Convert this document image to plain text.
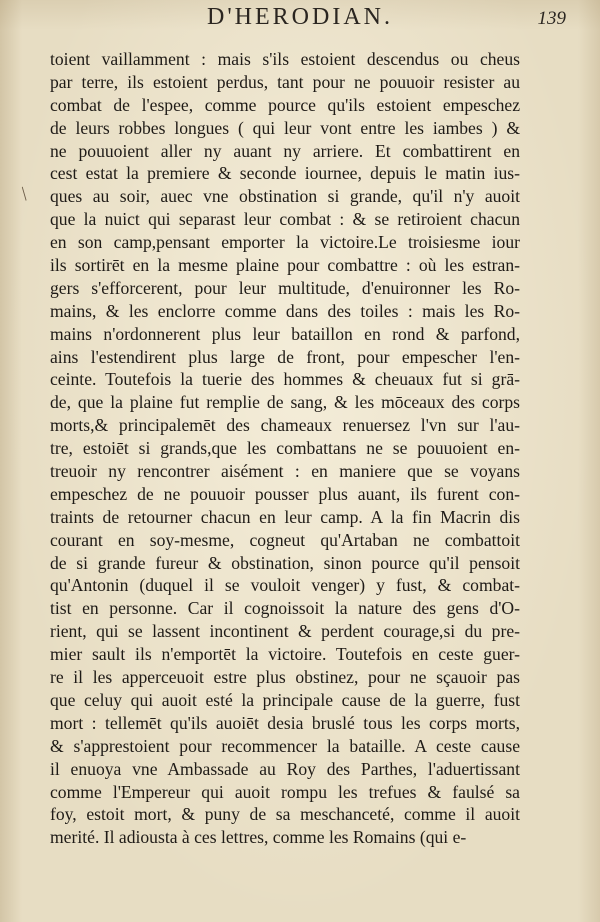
D'HERODIAN.	139
/
toient vaillamment : mais s'ils estoient descendus ou cheus
par terre, ils estoient perdus, tant pour ne pouuoir resister au
combat de l'espee, comme pource qu'ils estoient empeschez
de leurs robbes longues ( qui leur vont entre les iambes ) &
ne pouuoient aller ny auant ny arriere. Et combattirent en
cest estat la premiere & seconde iournee, depuis le matin ius-
ques au soir, auec vne obstination si grande, qu'il n'y auoit
que la nuict qui separast leur combat : & se retiroient chacun
en son camp,pensant emporter la victoire.Le troisiesme iour
ils sortirēt en la mesme plaine pour combattre : où les estran-
gers s'efforcerent, pour leur multitude, d'enuironner les Ro-
mains, & les enclorre comme dans des toiles : mais les Ro-
mains n'ordonnerent plus leur bataillon en rond & parfond,
ains l'estendirent plus large de front, pour empescher l'en-
ceinte. Toutefois la tuerie des hommes & cheuaux fut si grā-
de, que la plaine fut remplie de sang, & les mōceaux des corps
morts,& principalemēt des chameaux renuersez l'vn sur l'au-
tre, estoiēt si grands,que les combattans ne se pouuoient en-
treuoir ny rencontrer aisément : en maniere que se voyans
empeschez de ne pouuoir pousser plus auant, ils furent con-
traints de retourner chacun en leur camp. A la fin Macrin dis
courant en soy-mesme, cogneut qu'Artaban ne combattoit
de si grande fureur & obstination, sinon pource qu'il pensoit
qu'Antonin (duquel il se vouloit venger) y fust, & combat-
tist en personne. Car il cognoissoit la nature des gens d'O-
rient, qui se lassent incontinent & perdent courage,si du pre-
mier sault ils n'emportēt la victoire. Toutefois en ceste guer-
re il les apperceuoit estre plus obstinez, pour ne sçauoir pas
que celuy qui auoit esté la principale cause de la guerre, fust
mort : tellemēt qu'ils auoiēt desia bruslé tous les corps morts,
& s'apprestoient pour recommencer la bataille. A ceste cause
il enuoya vne Ambassade au Roy des Parthes, l'aduertissant
comme l'Empereur qui auoit rompu les trefues & faulsé sa
foy, estoit mort, & puny de sa meschanceté, comme il auoit
merité. Il adiousta à ces lettres, comme les Romains (qui e-
